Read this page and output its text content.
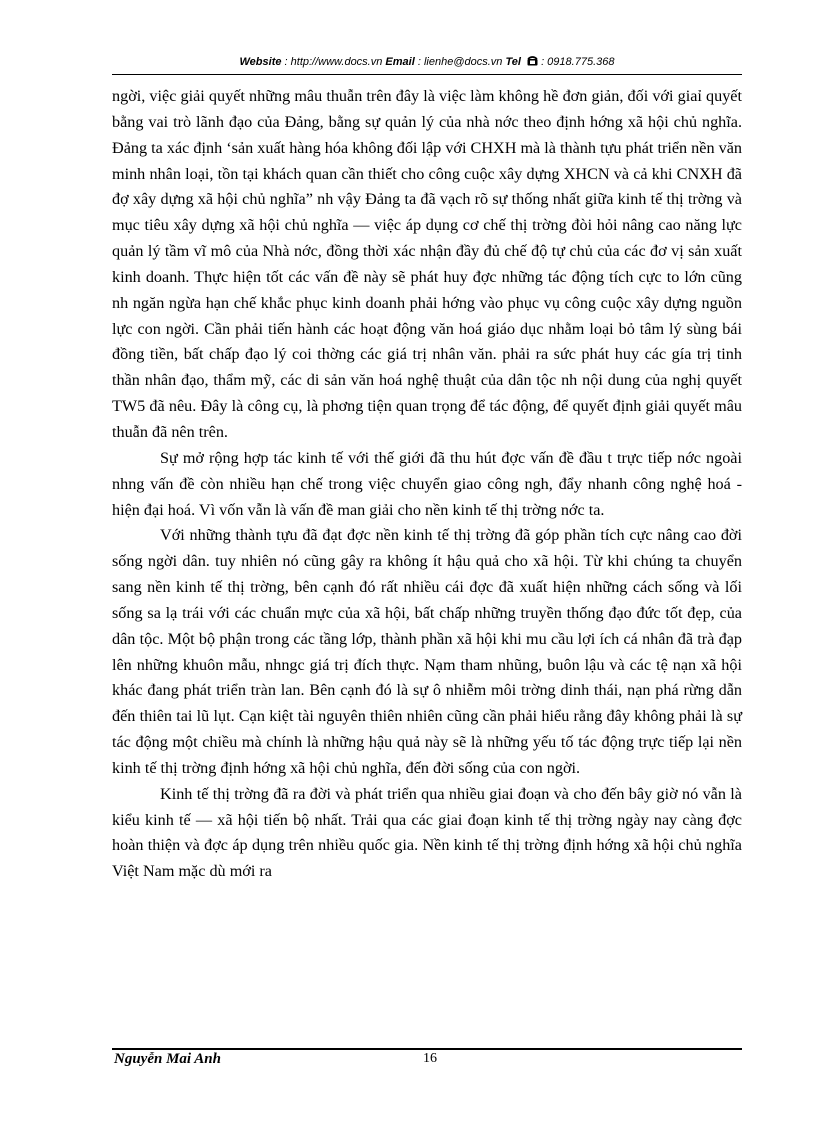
Website : http://www.docs.vn Email : lienhe@docs.vn Tel  : 0918.775.368

ngời, việc giải quyết những mâu thuẫn trên đây là việc làm không hề đơn giản, đối với giaỉ quyết bằng vai trò lãnh đạo của Đảng, bằng sự quản lý của nhà nớc theo định hớng xã hội chủ nghĩa. Đảng ta xác định ‘sản xuất hàng hóa không đối lập với CHXH mà là thành tựu phát triển nền văn minh nhân loại, tồn tại khách quan cần thiết cho công cuộc xây dựng XHCN và cả khi CNXH đã đợ xây dựng xã hội chủ nghĩa” nh vậy Đảng ta đã vạch rõ sự thống nhất giữa kinh tế thị trờng và mục tiêu xây dựng xã hội chủ nghĩa — việc áp dụng cơ chế thị trờng đòi hỏi nâng cao năng lực quản lý tầm vĩ mô của Nhà nớc, đồng thời xác nhận đầy đủ chế độ tự chủ của các đơ vị sản xuất kinh doanh. Thực hiện tốt các vấn đề này sẽ phát huy đợc những tác động tích cực to lớn cũng nh ngăn ngừa hạn chế khắc phục kinh doanh phải hớng vào phục vụ công cuộc xây dựng nguồn lực con ngời. Cần phải tiến hành các hoạt động văn hoá giáo dục nhằm loại bỏ tâm lý sùng bái đồng tiền, bất chấp đạo lý coi thờng các giá trị nhân văn. phải ra sức phát huy các gía trị tinh thần nhân đạo, thẩm mỹ, các di sản văn hoá nghệ thuật của dân tộc nh nội dung của nghị quyết TW5 đã nêu. Đây là công cụ, là phơng tiện quan trọng để tác động, để quyết định giải quyết mâu thuẫn đã nên trên.

Sự mở rộng hợp tác kinh tế với thế giới đã thu hút đợc vấn đề đầu t trực tiếp nớc ngoài nhng vấn đề còn nhiều hạn chế trong việc chuyển giao công ngh, đẩy nhanh công nghệ hoá - hiện đại hoá. Vì vốn vẫn là vấn đề man giải cho nền kinh tế thị trờng nớc ta.

Với những thành tựu đã đạt đợc nền kinh tế thị trờng đã góp phần tích cực nâng cao đời sống ngời dân. tuy nhiên nó cũng gây ra không ít hậu quả cho xã hội. Từ khi chúng ta chuyển sang nền kinh tế thị trờng, bên cạnh đó rất nhiều cái đợc đã xuất hiện những cách sống và lối sống sa lạ trái với các chuẩn mực của xã hội, bất chấp những truyền thống đạo đức tốt đẹp, của dân tộc. Một bộ phận trong các tầng lớp, thành phần xã hội khi mu cầu lợi ích cá nhân đã trà đạp lên những khuôn mẫu, nhngc giá trị đích thực. Nạm tham nhũng, buôn lậu và các tệ nạn xã hội khác đang phát triển tràn lan. Bên cạnh đó là sự ô nhiễm môi trờng dinh thái, nạn phá rừng dẫn đến thiên tai lũ lụt. Cạn kiệt tài nguyên thiên nhiên cũng cần phải hiểu rằng đây không phải là sự tác động một chiều mà chính là những hậu quả này sẽ là những yếu tố tác động trực tiếp lại nền kinh tế thị trờng định hớng xã hội chủ nghĩa, đến đời sống của con ngời.

Kinh tế thị trờng đã ra đời và phát triển qua nhiều giai đoạn và cho đến bây giờ nó vẫn là kiểu kinh tế — xã hội tiến bộ nhất. Trải qua các giai đoạn kinh tế thị trờng ngày nay càng đợc hoàn thiện và đợc áp dụng trên nhiều quốc gia. Nền kinh tế thị trờng định hớng xã hội chủ nghĩa Việt Nam mặc dù mới ra

Nguyễn Mai Anh	16
